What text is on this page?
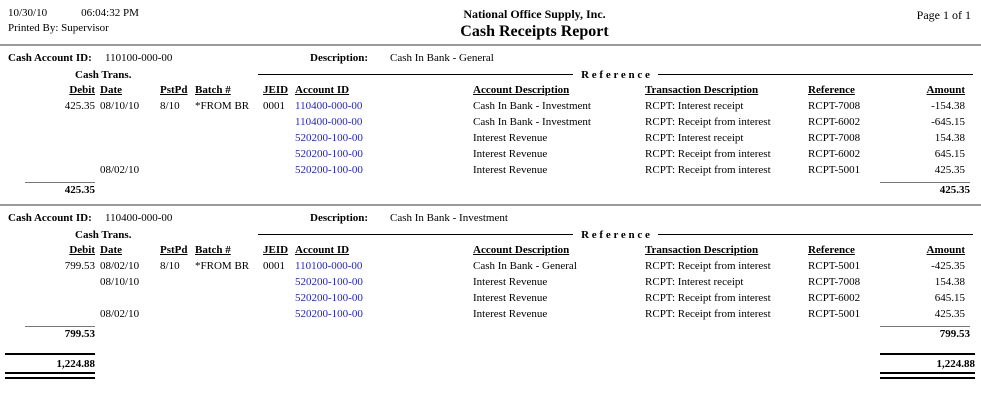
10/30/10	06:04:32 PM
Printed By: Supervisor
National Office Supply, Inc.
Cash Receipts Report
Page 1 of 1
Cash Account ID:	110100-000-00	Description:	Cash In Bank - General
Cash Trans.				R e f e r e n c e					

Debit	Date	PstPd	Batch #	JEID	Account ID	Account Description	Transaction Description	Reference	Amount
425.35	08/10/10	8/10	*FROM BR	0001	110400-000-00	Cash In Bank - Investment	RCPT: Interest receipt	RCPT-7008	-154.38
					110400-000-00	Cash In Bank - Investment	RCPT: Receipt from interest	RCPT-6002	-645.15
					520200-100-00	Interest Revenue	RCPT: Interest receipt	RCPT-7008	154.38
					520200-100-00	Interest Revenue	RCPT: Receipt from interest	RCPT-6002	645.15
	08/02/10				520200-100-00	Interest Revenue	RCPT: Receipt from interest	RCPT-5001	425.35

425.35									425.35
Cash Account ID:	110400-000-00	Description:	Cash In Bank - Investment
Cash Trans.				R e f e r e n c e					

Debit	Date	PstPd	Batch #	JEID	Account ID	Account Description	Transaction Description	Reference	Amount
799.53	08/02/10	8/10	*FROM BR	0001	110100-000-00	Cash In Bank - General	RCPT: Receipt from interest	RCPT-5001	-425.35
	08/10/10				520200-100-00	Interest Revenue	RCPT: Interest receipt	RCPT-7008	154.38
					520200-100-00	Interest Revenue	RCPT: Receipt from interest	RCPT-6002	645.15
	08/02/10				520200-100-00	Interest Revenue	RCPT: Receipt from interest	RCPT-5001	425.35

799.53									799.53
1,224.88		1,224.88
